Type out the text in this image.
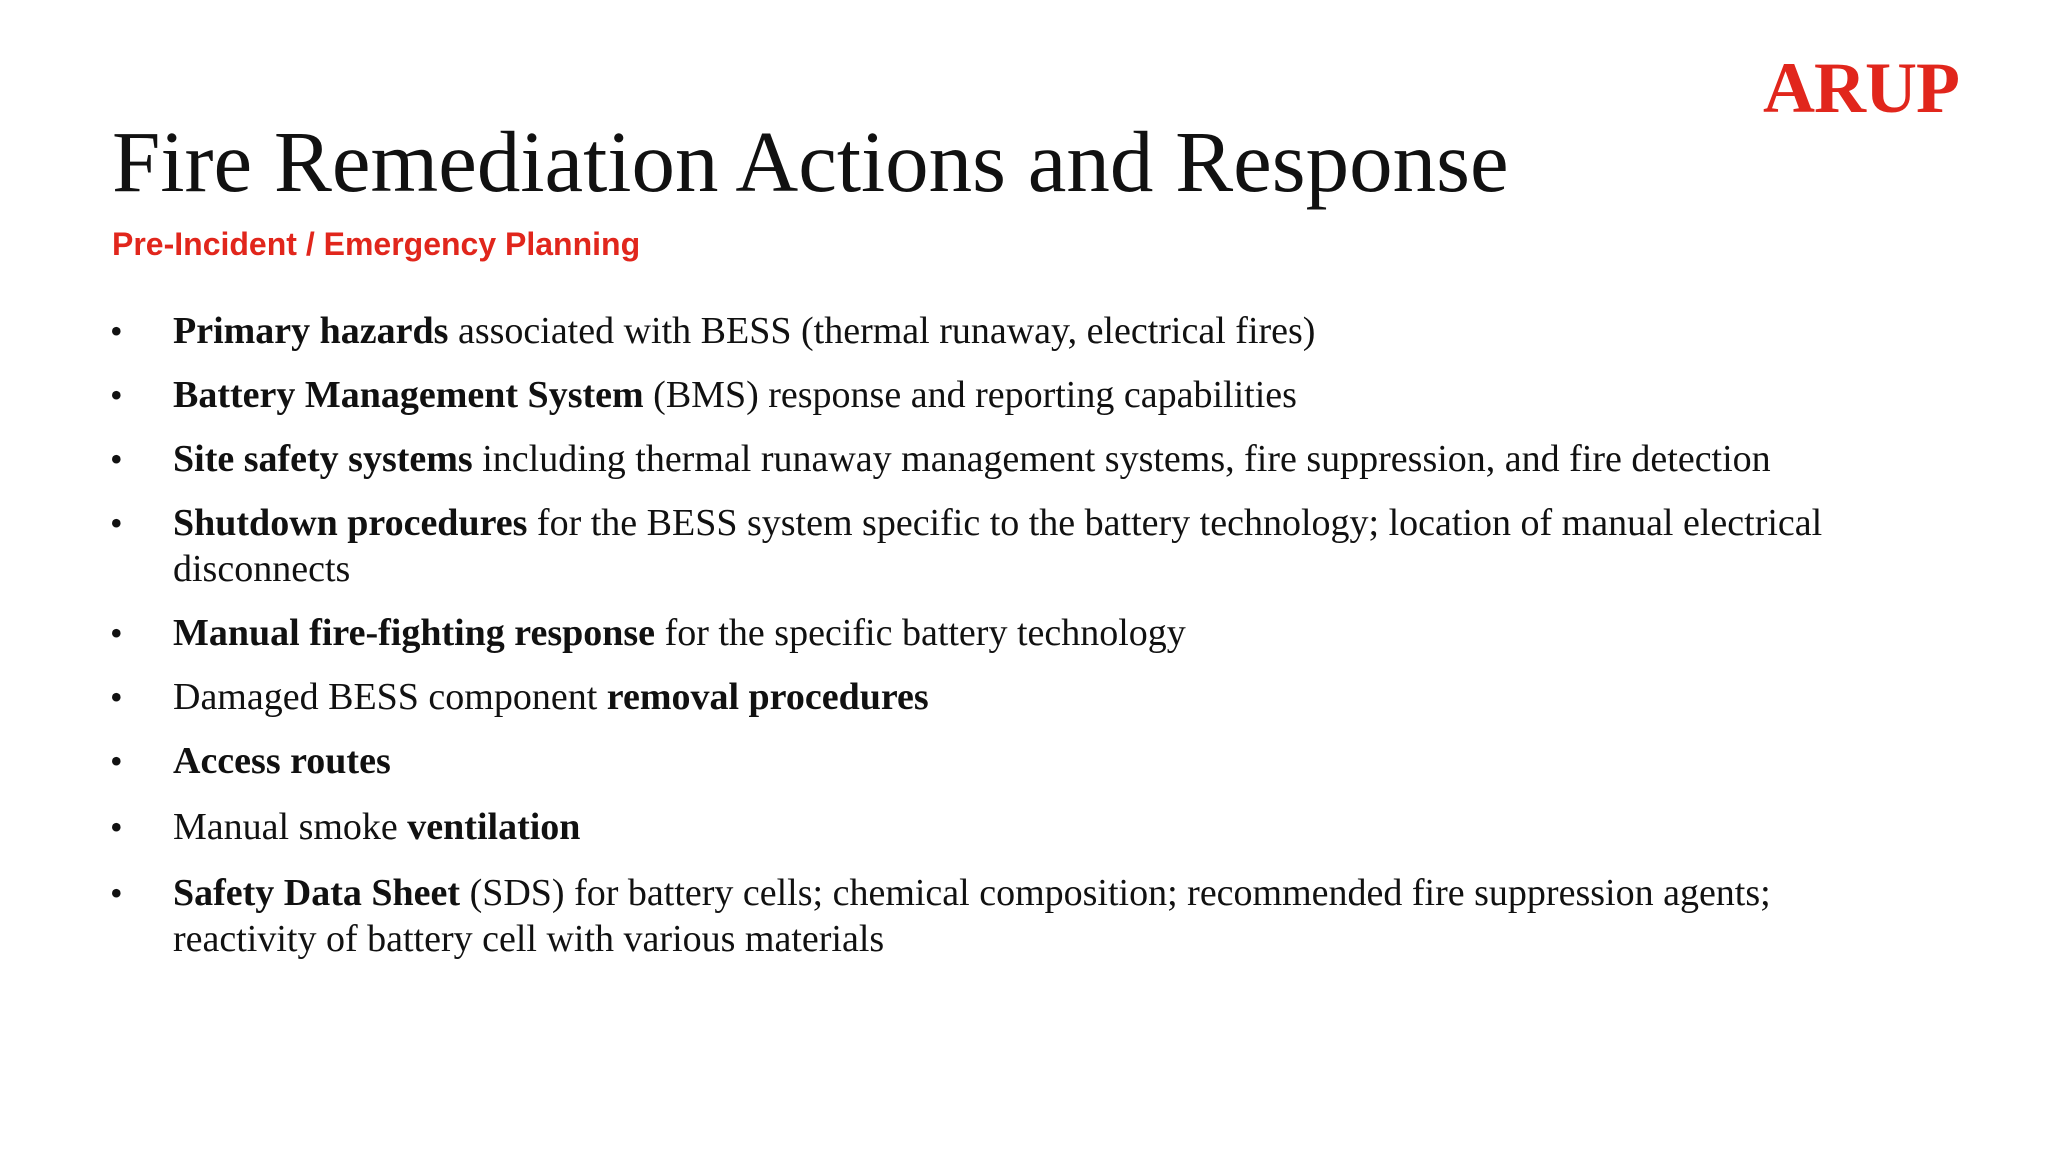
ARUP
Fire Remediation Actions and Response
Pre-Incident / Emergency Planning
• Primary hazards associated with BESS (thermal runaway, electrical fires)
• Battery Management System (BMS) response and reporting capabilities
• Site safety systems including thermal runaway management systems, fire suppression, and fire detection
• Shutdown procedures for the BESS system specific to the battery technology; location of manual electrical disconnects
• Manual fire-fighting response for the specific battery technology
• Damaged BESS component removal procedures
• Access routes
• Manual smoke ventilation
• Safety Data Sheet (SDS) for battery cells; chemical composition; recommended fire suppression agents; reactivity of battery cell with various materials
